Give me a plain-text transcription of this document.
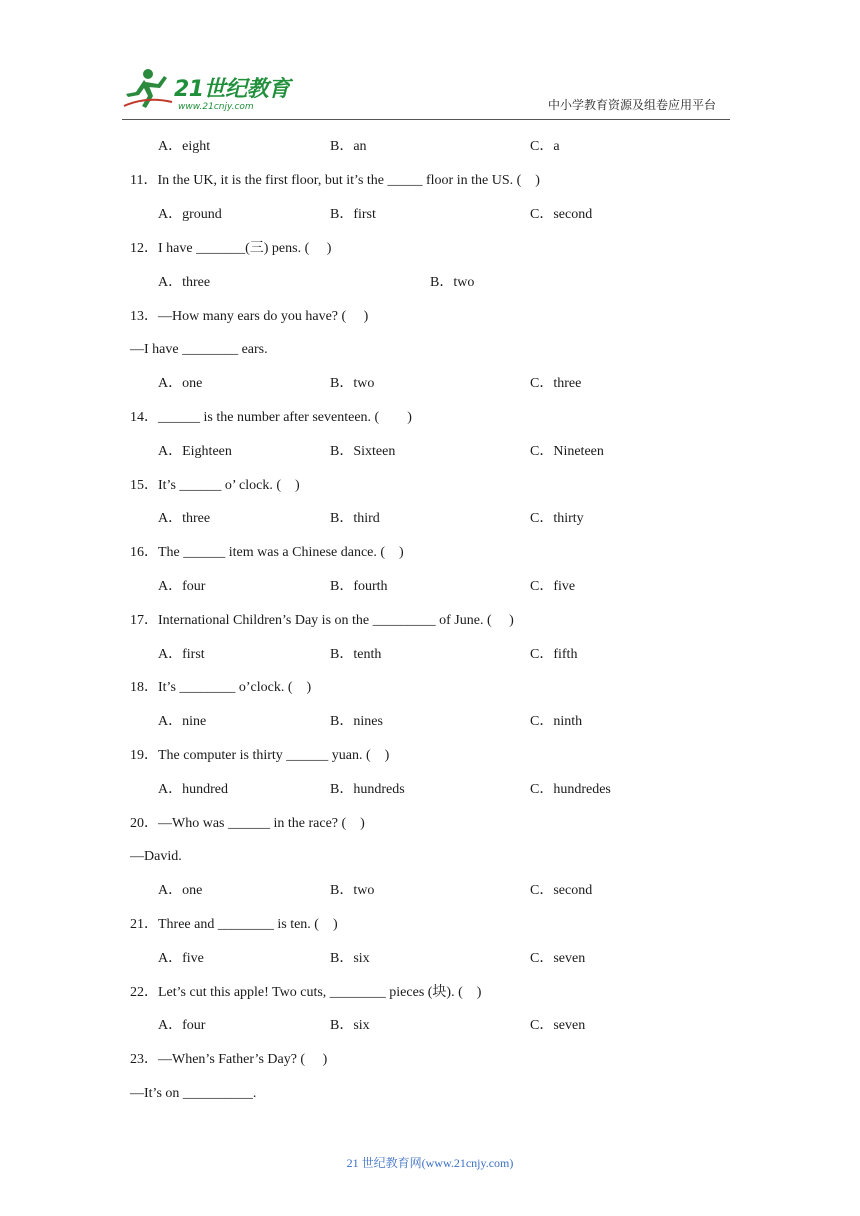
21世纪教育
www.21cnjy.com	中小学教育资源及组卷应用平台
A．eight	B．an	C．a
11．In the UK, it is the first floor, but it’s the _____ floor in the US. (　)
A．ground	B．first	C．second
12．I have _______(三) pens. (　 )
A．three	B．two
13．—How many ears do you have? (　 )
—I have ________ ears.
A．one	B．two	C．three
14．______ is the number after seventeen. (　　)
A．Eighteen	B．Sixteen	C．Nineteen
15．It’s ______ o’ clock. (　)
A．three	B．third	C．thirty
16．The ______ item was a Chinese dance. (　)
A．four	B．fourth	C．five
17．International Children’s Day is on the _________ of June. (　 )
A．first	B．tenth	C．fifth
18．It’s ________ o’clock. (　)
A．nine	B．nines	C．ninth
19．The computer is thirty ______ yuan. (　)
A．hundred	B．hundreds	C．hundredes
20．—Who was ______ in the race? (　)
—David.
A．one	B．two	C．second
21．Three and ________ is ten. (　)
A．five	B．six	C．seven
22．Let’s cut this apple! Two cuts, ________ pieces (块). (　)
A．four	B．six	C．seven
23．—When’s Father’s Day? (　 )
—It’s on __________.
21 世纪教育网(www.21cnjy.com)
